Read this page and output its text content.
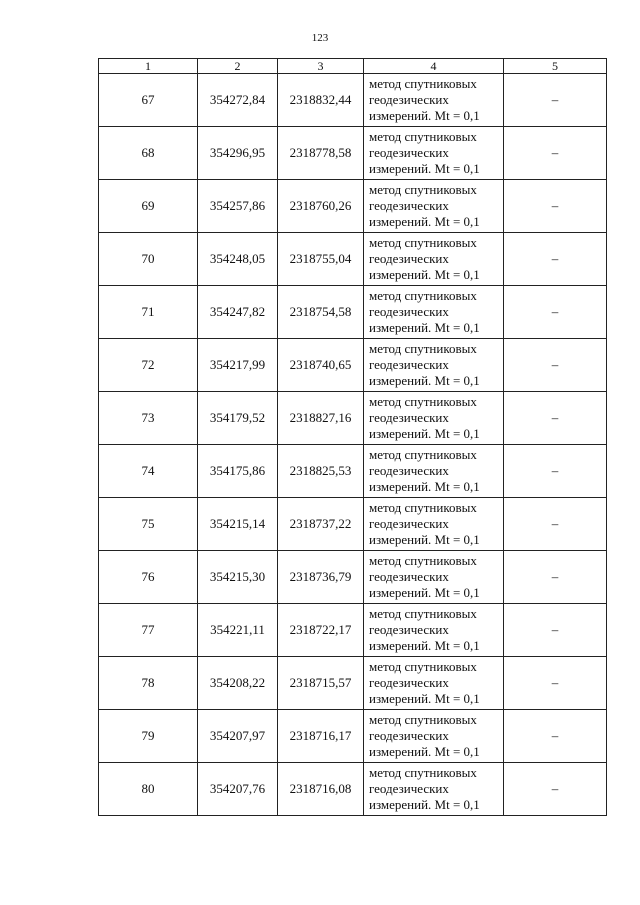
123
1	2	3	4	5
67	354272,84	2318832,44	метод спутниковых
геодезических
измерений. Mt = 0,1	–
68	354296,95	2318778,58	метод спутниковых
геодезических
измерений. Mt = 0,1	–
69	354257,86	2318760,26	метод спутниковых
геодезических
измерений. Mt = 0,1	–
70	354248,05	2318755,04	метод спутниковых
геодезических
измерений. Mt = 0,1	–
71	354247,82	2318754,58	метод спутниковых
геодезических
измерений. Mt = 0,1	–
72	354217,99	2318740,65	метод спутниковых
геодезических
измерений. Mt = 0,1	–
73	354179,52	2318827,16	метод спутниковых
геодезических
измерений. Mt = 0,1	–
74	354175,86	2318825,53	метод спутниковых
геодезических
измерений. Mt = 0,1	–
75	354215,14	2318737,22	метод спутниковых
геодезических
измерений. Mt = 0,1	–
76	354215,30	2318736,79	метод спутниковых
геодезических
измерений. Mt = 0,1	–
77	354221,11	2318722,17	метод спутниковых
геодезических
измерений. Mt = 0,1	–
78	354208,22	2318715,57	метод спутниковых
геодезических
измерений. Mt = 0,1	–
79	354207,97	2318716,17	метод спутниковых
геодезических
измерений. Mt = 0,1	–
80	354207,76	2318716,08	метод спутниковых
геодезических
измерений. Mt = 0,1	–
